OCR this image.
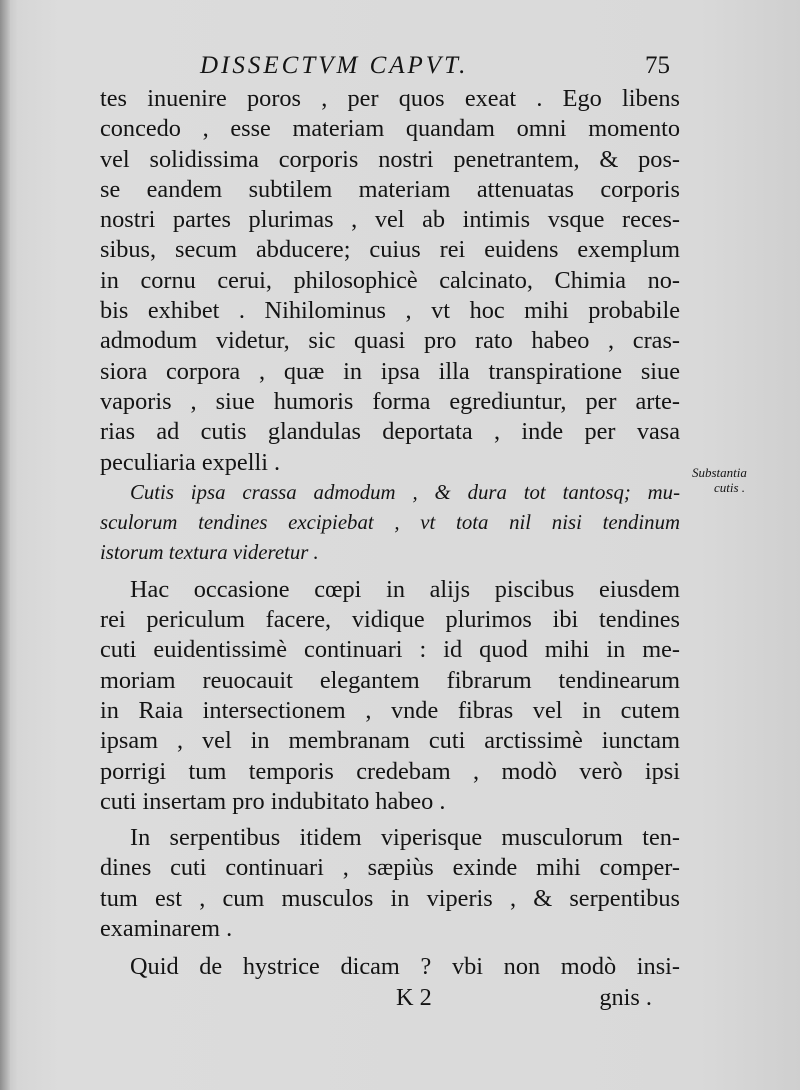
DISSECTVM CAPVT.	75
tes inuenire poros , per quos exeat . Ego libens
concedo , esse materiam quandam omni momento
vel solidissima corporis nostri penetrantem, & pos-
se eandem subtilem materiam attenuatas corporis
nostri partes plurimas , vel ab intimis vsque reces-
sibus, secum abducere; cuius rei euidens exemplum
in cornu cerui, philosophicè calcinato, Chimia no-
bis exhibet . Nihilominus , vt hoc mihi probabile
admodum videtur, sic quasi pro rato habeo , cras-
siora corpora , quæ in ipsa illa transpiratione siue
vaporis , siue humoris forma egrediuntur, per arte-
rias ad cutis glandulas deportata , inde per vasa
peculiaria expelli .
Cutis ipsa crassa admodum , & dura tot tantosq; mu-
sculorum tendines excipiebat , vt tota nil nisi tendinum
istorum textura videretur .
Hac occasione cœpi in alijs piscibus eiusdem
rei periculum facere, vidique plurimos ibi tendines
cuti euidentissimè continuari : id quod mihi in me-
moriam reuocauit elegantem fibrarum tendinearum
in Raia intersectionem , vnde fibras vel in cutem
ipsam , vel in membranam cuti arctissimè iunctam
porrigi tum temporis credebam , modò verò ipsi
cuti insertam pro indubitato habeo .
In serpentibus itidem viperisque musculorum ten-
dines cuti continuari , sæpiùs exinde mihi comper-
tum est , cum musculos in viperis , & serpentibus
examinarem .
Quid de hystrice dicam ? vbi non modò insi-
K 2	gnis .
Substantia
cutis .
